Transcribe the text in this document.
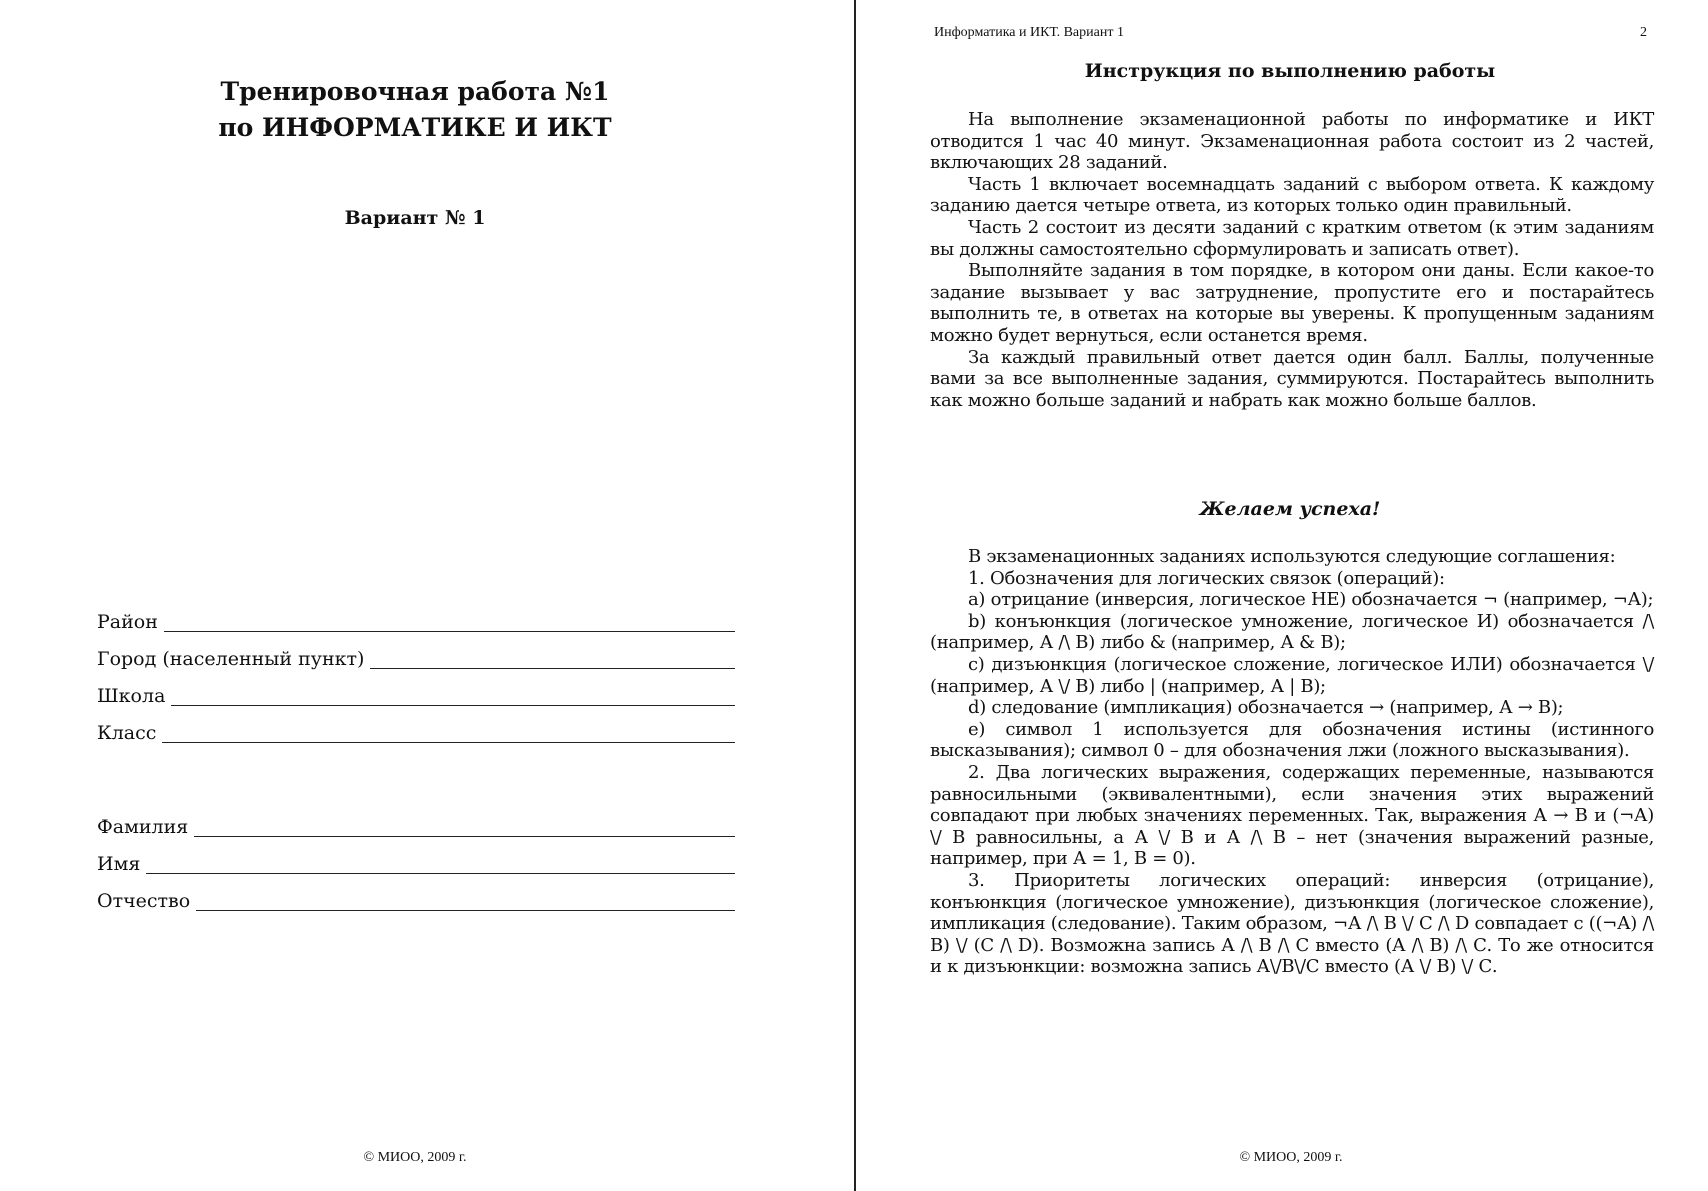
Тренировочная работа №1
по ИНФОРМАТИКЕ И ИКТ
Вариант № 1
Район
Город (населенный пункт)
Школа
Класс
Фамилия
Имя
Отчество
© МИОО, 2009 г.
Информатика и ИКТ. Вариант 1	2
Инструкция по выполнению работы

На выполнение экзаменационной работы по информатике и ИКТ отводится 1 час 40 минут. Экзаменационная работа состоит из 2 частей, включающих 28 заданий.

Часть 1 включает восемнадцать заданий с выбором ответа. К каждому заданию дается четыре ответа, из которых только один правильный.

Часть 2 состоит из десяти заданий с кратким ответом (к этим заданиям вы должны самостоятельно сформулировать и записать ответ).

Выполняйте задания в том порядке, в котором они даны. Если какое-то задание вызывает у вас затруднение, пропустите его и постарайтесь выполнить те, в ответах на которые вы уверены. К пропущенным заданиям можно будет вернуться, если останется время.

За каждый правильный ответ дается один балл. Баллы, полученные вами за все выполненные задания, суммируются. Постарайтесь выполнить как можно больше заданий и набрать как можно больше баллов.

Желаем успеха!

В экзаменационных заданиях используются следующие соглашения:

1. Обозначения для логических связок (операций):

a) отрицание (инверсия, логическое НЕ) обозначается ¬ (например, ¬А);

b) конъюнкция (логическое умножение, логическое И) обозначается /\ (например, А /\ В) либо & (например, А & В);

c) дизъюнкция (логическое сложение, логическое ИЛИ) обозначается \/ (например, А \/ В) либо | (например, А | В);

d) следование (импликация) обозначается → (например, А → В);

e) символ 1 используется для обозначения истины (истинного высказывания); символ 0 – для обозначения лжи (ложного высказывания).

2. Два логических выражения, содержащих переменные, называются равносильными (эквивалентными), если значения этих выражений совпадают при любых значениях переменных. Так, выражения А → В и (¬А) \/ В равносильны, а А \/ В и А /\ В – нет (значения выражений разные, например, при А = 1, В = 0).

3. Приоритеты логических операций: инверсия (отрицание), конъюнкция (логическое умножение), дизъюнкция (логическое сложение), импликация (следование). Таким образом, ¬А /\ В \/ С /\ D совпадает с ((¬А) /\ В) \/ (С /\ D). Возможна запись А /\ В /\ С вместо (А /\ В) /\ С. То же относится и к дизъюнкции: возможна запись А\/В\/С вместо (А \/ В) \/ С.

© МИОО, 2009 г.
